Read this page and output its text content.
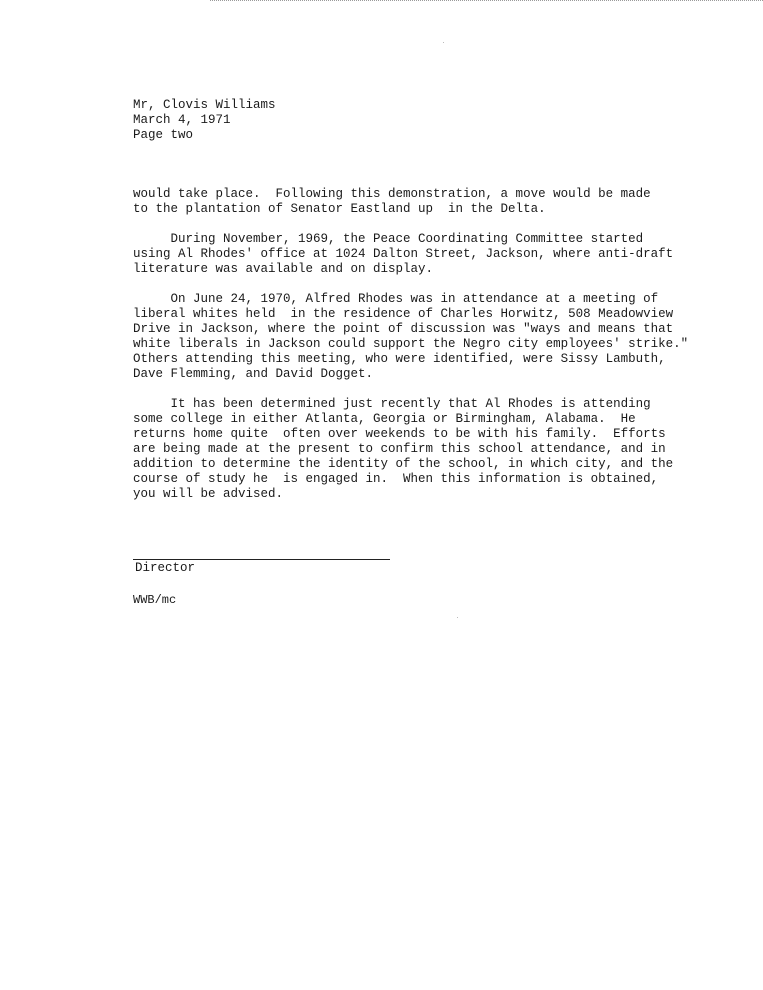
Mr, Clovis Williams
March 4, 1971
Page two
would take place.  Following this demonstration, a move would be made
to the plantation of Senator Eastland up  in the Delta.
During November, 1969, the Peace Coordinating Committee started
using Al Rhodes' office at 1024 Dalton Street, Jackson, where anti-draft
literature was available and on display.
On June 24, 1970, Alfred Rhodes was in attendance at a meeting of
liberal whites held  in the residence of Charles Horwitz, 508 Meadowview
Drive in Jackson, where the point of discussion was "ways and means that
white liberals in Jackson could support the Negro city employees' strike."
Others attending this meeting, who were identified, were Sissy Lambuth,
Dave Flemming, and David Dogget.
It has been determined just recently that Al Rhodes is attending
some college in either Atlanta, Georgia or Birmingham, Alabama.  He
returns home quite  often over weekends to be with his family.  Efforts
are being made at the present to confirm this school attendance, and in
addition to determine the identity of the school, in which city, and the
course of study he  is engaged in.  When this information is obtained,
you will be advised.
Director
WWB/mc
